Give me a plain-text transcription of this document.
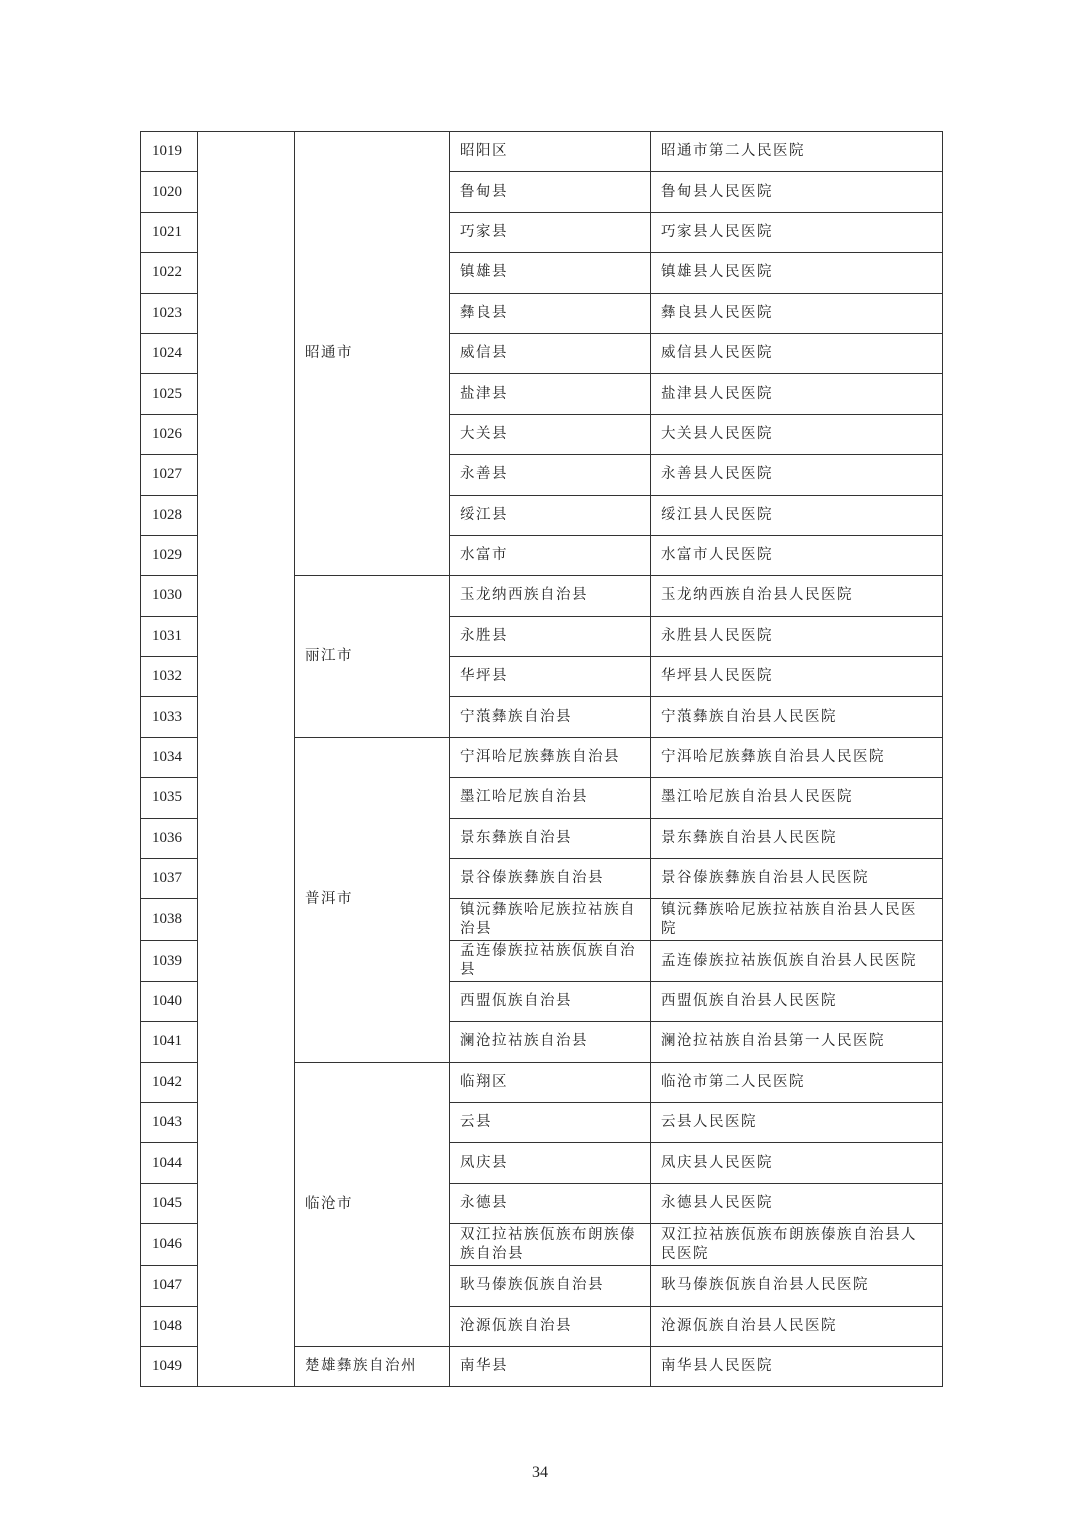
1019		昭通市	昭阳区	昭通市第二人民医院
1020			鲁甸县	鲁甸县人民医院
1021			巧家县	巧家县人民医院
1022			镇雄县	镇雄县人民医院
1023			彝良县	彝良县人民医院
1024			威信县	威信县人民医院
1025			盐津县	盐津县人民医院
1026			大关县	大关县人民医院
1027			永善县	永善县人民医院
1028			绥江县	绥江县人民医院
1029			水富市	水富市人民医院
1030		丽江市	玉龙纳西族自治县	玉龙纳西族自治县人民医院
1031			永胜县	永胜县人民医院
1032			华坪县	华坪县人民医院
1033			宁蒗彝族自治县	宁蒗彝族自治县人民医院
1034		普洱市	宁洱哈尼族彝族自治县	宁洱哈尼族彝族自治县人民医院
1035			墨江哈尼族自治县	墨江哈尼族自治县人民医院
1036			景东彝族自治县	景东彝族自治县人民医院
1037			景谷傣族彝族自治县	景谷傣族彝族自治县人民医院
1038			镇沅彝族哈尼族拉祜族自治县	镇沅彝族哈尼族拉祜族自治县人民医院
1039			孟连傣族拉祜族佤族自治县	孟连傣族拉祜族佤族自治县人民医院
1040			西盟佤族自治县	西盟佤族自治县人民医院
1041			澜沧拉祜族自治县	澜沧拉祜族自治县第一人民医院
1042		临沧市	临翔区	临沧市第二人民医院
1043			云县	云县人民医院
1044			凤庆县	凤庆县人民医院
1045			永德县	永德县人民医院
1046			双江拉祜族佤族布朗族傣族自治县	双江拉祜族佤族布朗族傣族自治县人民医院
1047			耿马傣族佤族自治县	耿马傣族佤族自治县人民医院
1048			沧源佤族自治县	沧源佤族自治县人民医院
1049		楚雄彝族自治州	南华县	南华县人民医院
34
